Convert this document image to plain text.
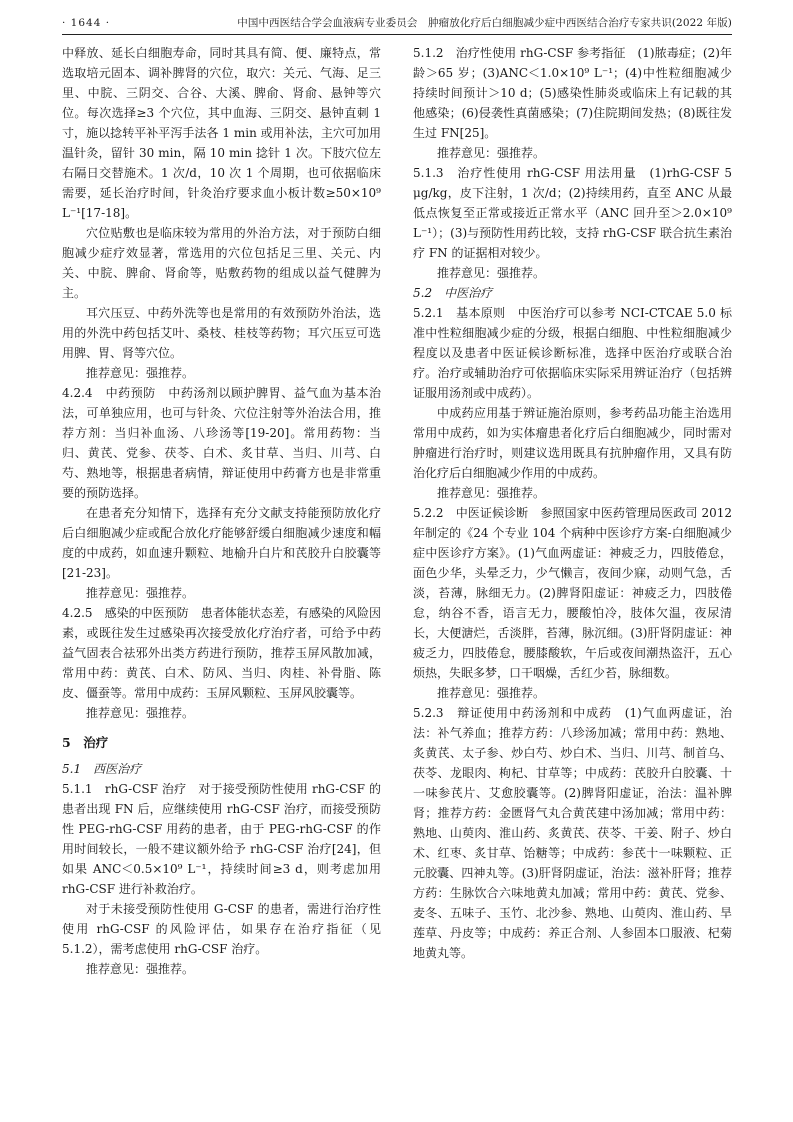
· 1644 ·	中国中西医结合学会血液病专业委员会　肿瘤放化疗后白细胞减少症中西医结合治疗专家共识(2022 年版)

中释放、延长白细胞寿命，同时其具有简、便、廉特点，常选取培元固本、调补脾肾的穴位，取穴：关元、气海、足三里、中脘、三阴交、合谷、大溪、脾俞、肾俞、悬钟等穴位。每次选择≥3 个穴位，其中血海、三阴交、悬钟直刺 1 寸，施以捻转平补平泻手法各 1 min 或用补法，主穴可加用温针灸，留针 30 min，隔 10 min 捻针 1 次。下肢穴位左右隔日交替施术。1 次/d，10 次 1 个周期，也可依据临床需要，延长治疗时间，针灸治疗要求血小板计数≥50×10⁹ L⁻¹[17-18]。

穴位贴敷也是临床较为常用的外治方法，对于预防白细胞减少症疗效显著，常选用的穴位包括足三里、关元、内关、中脘、脾俞、肾俞等，贴敷药物的组成以益气健脾为主。

耳穴压豆、中药外洗等也是常用的有效预防外治法，选用的外洗中药包括艾叶、桑枝、桂枝等药物；耳穴压豆可选用脾、胃、肾等穴位。

推荐意见：强推荐。

4.2.4　中药预防　中药汤剂以顾护脾胃、益气血为基本治法，可单独应用，也可与针灸、穴位注射等外治法合用，推荐方剂：当归补血汤、八珍汤等[19-20]。常用药物：当归、黄芪、党参、茯苓、白术、炙甘草、当归、川芎、白芍、熟地等，根据患者病情，辩证使用中药膏方也是非常重要的预防选择。

在患者充分知情下，选择有充分文献支持能预防放化疗后白细胞减少症或配合放化疗能够舒缓白细胞减少速度和幅度的中成药，如血速升颗粒、地榆升白片和芪胶升白胶囊等[21-23]。

推荐意见：强推荐。

4.2.5　感染的中医预防　患者体能状态差，有感染的风险因素，或既往发生过感染再次接受放化疗治疗者，可给予中药益气固表合祛邪外出类方药进行预防，推荐玉屏风散加减，常用中药：黄芪、白术、防风、当归、肉桂、补骨脂、陈皮、僵蚕等。常用中成药：玉屏风颗粒、玉屏风胶囊等。

推荐意见：强推荐。

5　治疗

5.1　西医治疗

5.1.1　rhG-CSF 治疗　对于接受预防性使用 rhG-CSF 的患者出现 FN 后，应继续使用 rhG-CSF 治疗，而接受预防性 PEG-rhG-CSF 用药的患者，由于 PEG-rhG-CSF 的作用时间较长，一般不建议额外给予 rhG-CSF 治疗[24]，但如果 ANC＜0.5×10⁹ L⁻¹，持续时间≥3 d，则考虑加用 rhG-CSF 进行补救治疗。

对于未接受预防性使用 G-CSF 的患者，需进行治疗性使用 rhG-CSF 的风险评估，如果存在治疗指征（见 5.1.2），需考虑使用 rhG-CSF 治疗。

推荐意见：强推荐。

5.1.2　治疗性使用 rhG-CSF 参考指征　(1)脓毒症；(2)年龄＞65 岁；(3)ANC＜1.0×10⁹ L⁻¹；(4)中性粒细胞减少持续时间预计＞10 d；(5)感染性肺炎或临床上有记载的其他感染；(6)侵袭性真菌感染；(7)住院期间发热；(8)既往发生过 FN[25]。

推荐意见：强推荐。

5.1.3　治疗性使用 rhG-CSF 用法用量　(1)rhG-CSF 5 μg/kg，皮下注射，1 次/d；(2)持续用药，直至 ANC 从最低点恢复至正常或接近正常水平（ANC 回升至＞2.0×10⁹ L⁻¹）；(3)与预防性用药比较，支持 rhG-CSF 联合抗生素治疗 FN 的证据相对较少。

推荐意见：强推荐。

5.2　中医治疗

5.2.1　基本原则　中医治疗可以参考 NCI-CTCAE 5.0 标准中性粒细胞减少症的分级，根据白细胞、中性粒细胞减少程度以及患者中医证候诊断标准，选择中医治疗或联合治疗。治疗或辅助治疗可依据临床实际采用辨证治疗（包括辨证服用汤剂或中成药）。

中成药应用基于辨证施治原则，参考药品功能主治选用常用中成药，如为实体瘤患者化疗后白细胞减少，同时需对肿瘤进行治疗时，则建议选用既具有抗肿瘤作用，又具有防治化疗后白细胞减少作用的中成药。

推荐意见：强推荐。

5.2.2　中医证候诊断　参照国家中医药管理局医政司 2012 年制定的《24 个专业 104 个病种中医诊疗方案-白细胞减少症中医诊疗方案》。(1)气血两虚证：神疲乏力，四肢倦怠，面色少华，头晕乏力，少气懒言，夜间少寐，动则气急，舌淡，苔薄，脉细无力。(2)脾肾阳虚证：神疲乏力，四肢倦怠，纳谷不香，语言无力，腰酸怕冷，肢体欠温，夜尿清长，大便溏烂，舌淡胖，苔薄，脉沉细。(3)肝肾阴虚证：神疲乏力，四肢倦怠，腰膝酸软，午后或夜间潮热盗汗，五心烦热，失眠多梦，口干咽燥，舌红少苔，脉细数。

推荐意见：强推荐。

5.2.3　辩证使用中药汤剂和中成药　(1)气血两虚证，治法：补气养血；推荐方药：八珍汤加减；常用中药：熟地、炙黄芪、太子参、炒白芍、炒白术、当归、川芎、制首乌、茯苓、龙眼肉、枸杞、甘草等；中成药：芪胶升白胶囊、十一味参芪片、艾愈胶囊等。(2)脾肾阳虚证，治法：温补脾肾；推荐方药：金匮肾气丸合黄芪建中汤加减；常用中药：熟地、山萸肉、淮山药、炙黄芪、茯苓、干姜、附子、炒白术、红枣、炙甘草、饴糖等；中成药：参芪十一味颗粒、正元胶囊、四神丸等。(3)肝肾阴虚证，治法：滋补肝肾；推荐方药：生脉饮合六味地黄丸加减；常用中药：黄芪、党参、麦冬、五味子、玉竹、北沙参、熟地、山萸肉、淮山药、旱莲草、丹皮等；中成药：养正合剂、人参固本口服液、杞菊地黄丸等。
